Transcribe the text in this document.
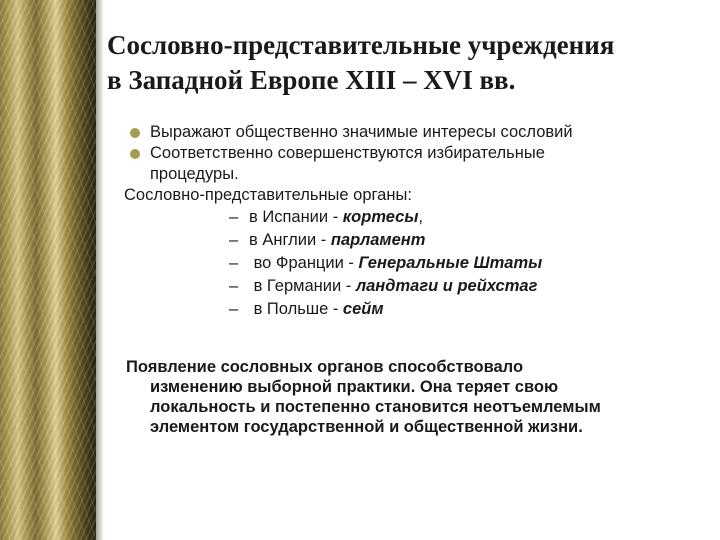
Сословно-представительные учреждения
в Западной Европе XIII – XVI вв.
Выражают общественно значимые интересы сословий
Соответственно совершенствуются избирательные
процедуры.
Сословно-представительные органы:
– в Испании - кортесы,
– в Англии - парламент
– во Франции - Генеральные Штаты
– в Германии - ландтаги и рейхстаг
– в Польше - сейм
Появление сословных органов способствовало
изменению выборной практики. Она теряет свою
локальность и постепенно становится неотъемлемым
элементом государственной и общественной жизни.
